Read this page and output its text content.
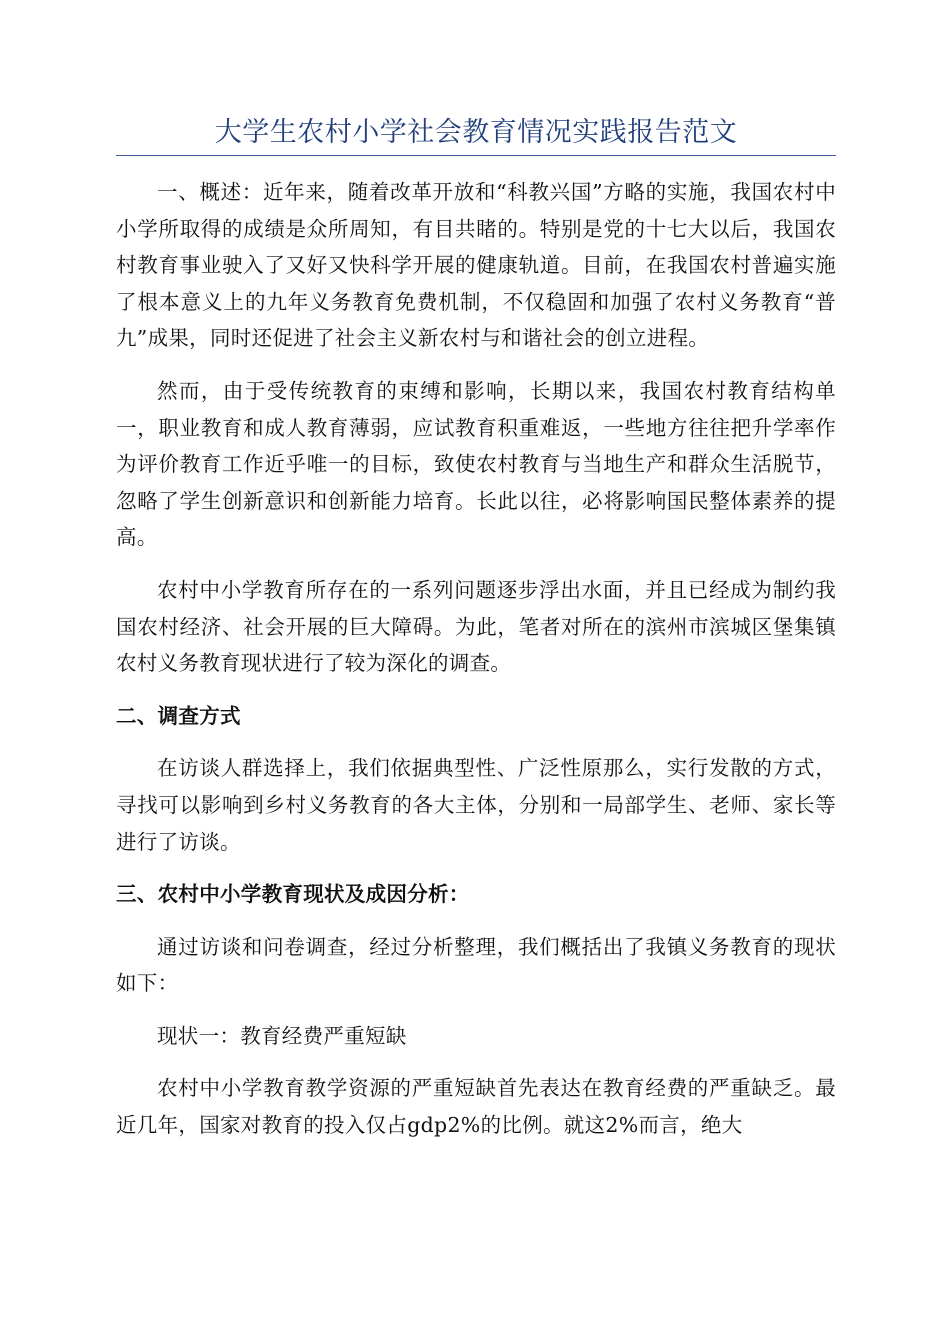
大学生农村小学社会教育情况实践报告范文

一、概述：近年来，随着改革开放和“科教兴国”方略的实施，我国农村中小学所取得的成绩是众所周知，有目共睹的。特别是党的十七大以后，我国农村教育事业驶入了又好又快科学开展的健康轨道。目前，在我国农村普遍实施了根本意义上的九年义务教育免费机制，不仅稳固和加强了农村义务教育“普九”成果，同时还促进了社会主义新农村与和谐社会的创立进程。

然而，由于受传统教育的束缚和影响，长期以来，我国农村教育结构单一，职业教育和成人教育薄弱，应试教育积重难返，一些地方往往把升学率作为评价教育工作近乎唯一的目标，致使农村教育与当地生产和群众生活脱节，忽略了学生创新意识和创新能力培育。长此以往，必将影响国民整体素养的提高。

农村中小学教育所存在的一系列问题逐步浮出水面，并且已经成为制约我国农村经济、社会开展的巨大障碍。为此，笔者对所在的滨州市滨城区堡集镇农村义务教育现状进行了较为深化的调查。

二、调查方式

在访谈人群选择上，我们依据典型性、广泛性原那么，实行发散的方式，寻找可以影响到乡村义务教育的各大主体，分别和一局部学生、老师、家长等进行了访谈。

三、农村中小学教育现状及成因分析：

通过访谈和问卷调查，经过分析整理，我们概括出了我镇义务教育的现状如下：

现状一：教育经费严重短缺

农村中小学教育教学资源的严重短缺首先表达在教育经费的严重缺乏。最近几年，国家对教育的投入仅占gdp2%的比例。就这2%而言，绝大
